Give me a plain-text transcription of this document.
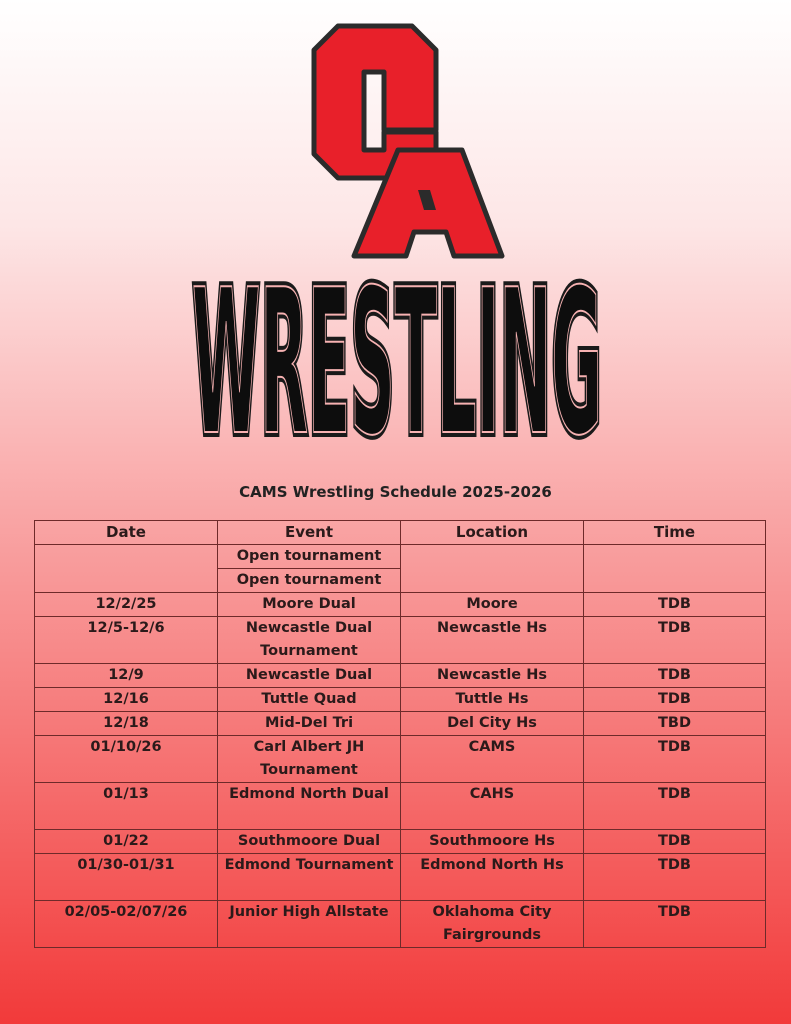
WRESTLING
WRESTLING
CAMS Wrestling Schedule 2025-2026
Date	Event	Location	Time
	Open tournament		
	Open tournament		
12/2/25	Moore Dual	Moore	TDB
12/5-12/6	Newcastle Dual Tournament	Newcastle Hs	TDB
12/9	Newcastle Dual	Newcastle Hs	TDB
12/16	Tuttle Quad	Tuttle Hs	TDB
12/18	Mid-Del Tri	Del City Hs	TBD
01/10/26	Carl Albert JH Tournament	CAMS	TDB
01/13	Edmond North Dual	CAHS	TDB
01/22	Southmoore Dual	Southmoore Hs	TDB
01/30-01/31	Edmond Tournament	Edmond North Hs	TDB
02/05-02/07/26	Junior High Allstate	Oklahoma City Fairgrounds	TDB
